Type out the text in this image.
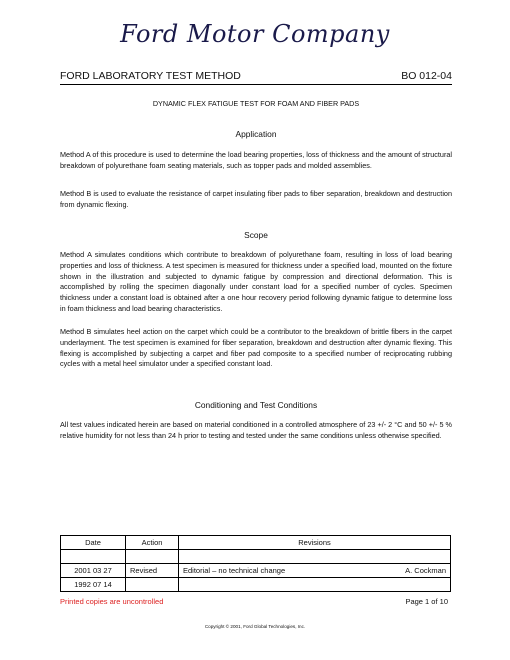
Ford Motor Company
FORD LABORATORY TEST METHOD	BO 012-04
DYNAMIC FLEX FATIGUE TEST FOR FOAM AND FIBER PADS
Application

Method A of this procedure is used to determine the load bearing properties, loss of thickness and the amount of structural breakdown of polyurethane foam seating materials, such as topper pads and molded assemblies.

Method B is used to evaluate the resistance of carpet insulating fiber pads to fiber separation, breakdown and destruction from dynamic flexing.

Scope

Method A simulates conditions which contribute to breakdown of polyurethane foam, resulting in loss of load bearing properties and loss of thickness. A test specimen is measured for thickness under a specified load, mounted on the fixture shown in the illustration and subjected to dynamic fatigue by compression and directional deformation. This is accomplished by rolling the specimen diagonally under constant load for a specified number of cycles. Specimen thickness under a constant load is obtained after a one hour recovery period following dynamic fatigue to determine loss in foam thickness and load bearing characteristics.

Method B simulates heel action on the carpet which could be a contributor to the breakdown of brittle fibers in the carpet underlayment. The test specimen is examined for fiber separation, breakdown and destruction after dynamic flexing. This flexing is accomplished by subjecting a carpet and fiber pad composite to a specified number of reciprocating rubbing cycles with a metal heel simulator under a specified constant load.

Conditioning and Test Conditions

All test values indicated herein are based on material conditioned in a controlled atmosphere of 23 +/- 2 °C and 50 +/- 5 % relative humidity for not less than 24 h prior to testing and tested under the same conditions unless otherwise specified.

Date	Action	Revisions

2001 03 27	Revised	Editorial – no technical change A. Cockman

1992 07 14		
Printed copies are uncontrolled	Page 1 of 10
Copyright © 2001, Ford Global Technologies, Inc.
